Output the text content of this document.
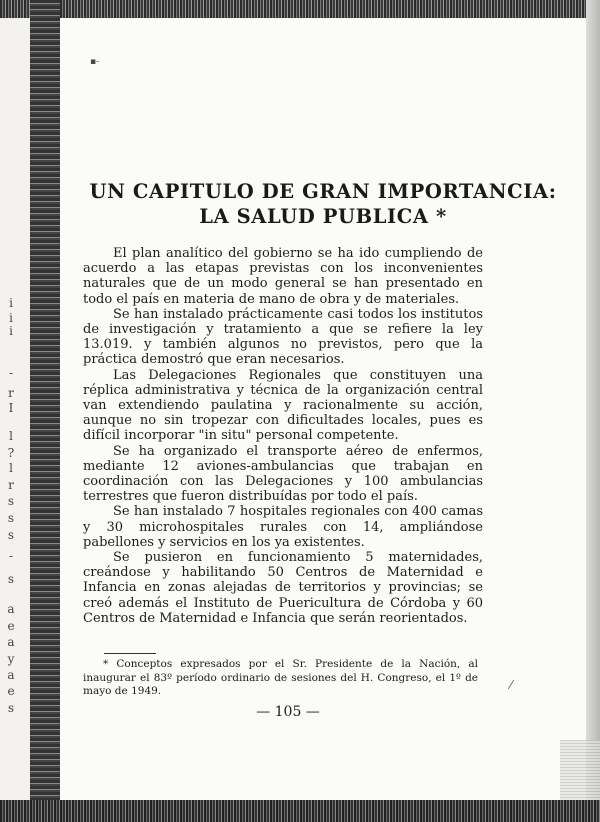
i
i
i
-
r
I
l
?
l
r
s
s
s
-
s
a
e
a
y
a
e
s
▪-
UN CAPITULO DE GRAN IMPORTANCIA:
LA SALUD PUBLICA *

El plan analítico del gobierno se ha ido cumpliendo de acuerdo a las etapas previstas con los inconvenientes naturales que de un modo general se han presentado en todo el país en materia de mano de obra y de materiales.

Se han instalado prácticamente casi todos los institutos de investigación y tratamiento a que se refiere la ley 13.019. y también algunos no previstos, pero que la práctica demostró que eran necesarios.

Las Delegaciones Regionales que constituyen una réplica administrativa y técnica de la organización central van extendiendo paulatina y racionalmente su acción, aunque no sin tropezar con dificultades locales, pues es difícil incorporar "in situ" personal competente.

Se ha organizado el transporte aéreo de enfermos, mediante 12 aviones-ambulancias que trabajan en coordinación con las Delegaciones y 100 ambulancias terrestres que fueron distribuídas por todo el país.

Se han instalado 7 hospitales regionales con 400 camas y 30 microhospitales rurales con 14, ampliándose pabellones y servicios en los ya existentes.

Se pusieron en funcionamiento 5 maternidades, creándose y habilitando 50 Centros de Maternidad e Infancia en zonas alejadas de territorios y provincias; se creó además el Instituto de Puericultura de Córdoba y 60 Centros de Maternidad e Infancia que serán reorientados.

* Conceptos expresados por el Sr. Presidente de la Nación, al inaugurar el 83º período ordinario de sesiones del H. Congreso, el 1º de mayo de 1949.	⁄

— 105 —
